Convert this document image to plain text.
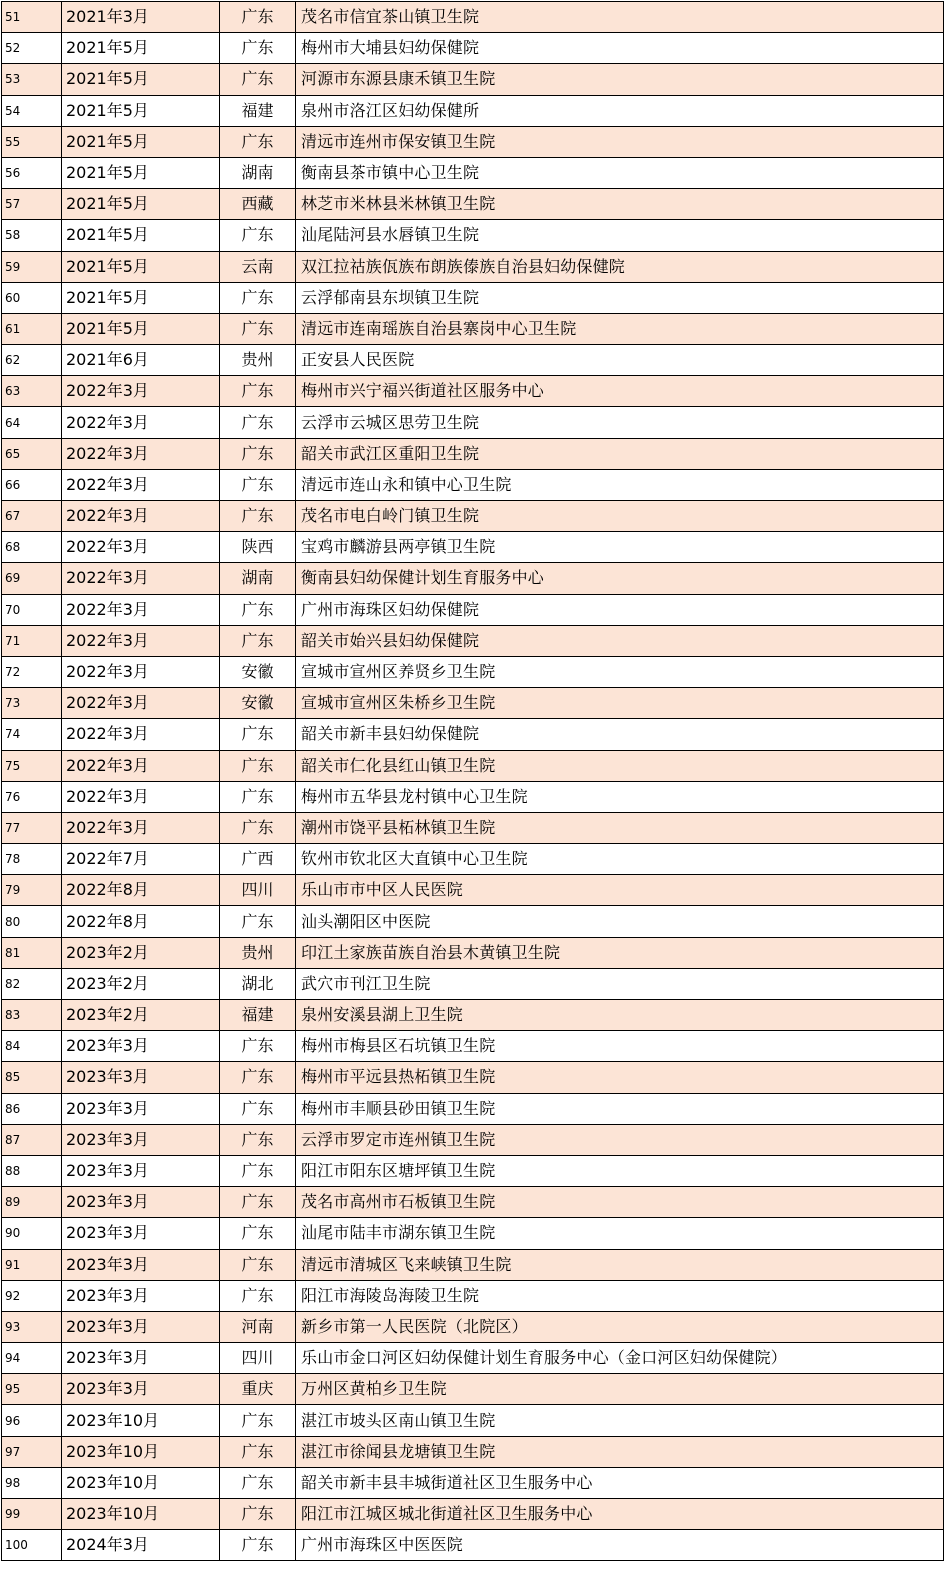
51	2021年3月	广东	茂名市信宜茶山镇卫生院
52	2021年5月	广东	梅州市大埔县妇幼保健院
53	2021年5月	广东	河源市东源县康禾镇卫生院
54	2021年5月	福建	泉州市洛江区妇幼保健所
55	2021年5月	广东	清远市连州市保安镇卫生院
56	2021年5月	湖南	衡南县茶市镇中心卫生院
57	2021年5月	西藏	林芝市米林县米林镇卫生院
58	2021年5月	广东	汕尾陆河县水唇镇卫生院
59	2021年5月	云南	双江拉祜族佤族布朗族傣族自治县妇幼保健院
60	2021年5月	广东	云浮郁南县东坝镇卫生院
61	2021年5月	广东	清远市连南瑶族自治县寨岗中心卫生院
62	2021年6月	贵州	正安县人民医院
63	2022年3月	广东	梅州市兴宁福兴街道社区服务中心
64	2022年3月	广东	云浮市云城区思劳卫生院
65	2022年3月	广东	韶关市武江区重阳卫生院
66	2022年3月	广东	清远市连山永和镇中心卫生院
67	2022年3月	广东	茂名市电白岭门镇卫生院
68	2022年3月	陕西	宝鸡市麟游县两亭镇卫生院
69	2022年3月	湖南	衡南县妇幼保健计划生育服务中心
70	2022年3月	广东	广州市海珠区妇幼保健院
71	2022年3月	广东	韶关市始兴县妇幼保健院
72	2022年3月	安徽	宣城市宣州区养贤乡卫生院
73	2022年3月	安徽	宣城市宣州区朱桥乡卫生院
74	2022年3月	广东	韶关市新丰县妇幼保健院
75	2022年3月	广东	韶关市仁化县红山镇卫生院
76	2022年3月	广东	梅州市五华县龙村镇中心卫生院
77	2022年3月	广东	潮州市饶平县柘林镇卫生院
78	2022年7月	广西	钦州市钦北区大直镇中心卫生院
79	2022年8月	四川	乐山市市中区人民医院
80	2022年8月	广东	汕头潮阳区中医院
81	2023年2月	贵州	印江土家族苗族自治县木黄镇卫生院
82	2023年2月	湖北	武穴市刊江卫生院
83	2023年2月	福建	泉州安溪县湖上卫生院
84	2023年3月	广东	梅州市梅县区石坑镇卫生院
85	2023年3月	广东	梅州市平远县热柘镇卫生院
86	2023年3月	广东	梅州市丰顺县砂田镇卫生院
87	2023年3月	广东	云浮市罗定市连州镇卫生院
88	2023年3月	广东	阳江市阳东区塘坪镇卫生院
89	2023年3月	广东	茂名市高州市石板镇卫生院
90	2023年3月	广东	汕尾市陆丰市湖东镇卫生院
91	2023年3月	广东	清远市清城区飞来峡镇卫生院
92	2023年3月	广东	阳江市海陵岛海陵卫生院
93	2023年3月	河南	新乡市第一人民医院（北院区）
94	2023年3月	四川	乐山市金口河区妇幼保健计划生育服务中心（金口河区妇幼保健院）
95	2023年3月	重庆	万州区黄柏乡卫生院
96	2023年10月	广东	湛江市坡头区南山镇卫生院
97	2023年10月	广东	湛江市徐闻县龙塘镇卫生院
98	2023年10月	广东	韶关市新丰县丰城街道社区卫生服务中心
99	2023年10月	广东	阳江市江城区城北街道社区卫生服务中心
100	2024年3月	广东	广州市海珠区中医医院
